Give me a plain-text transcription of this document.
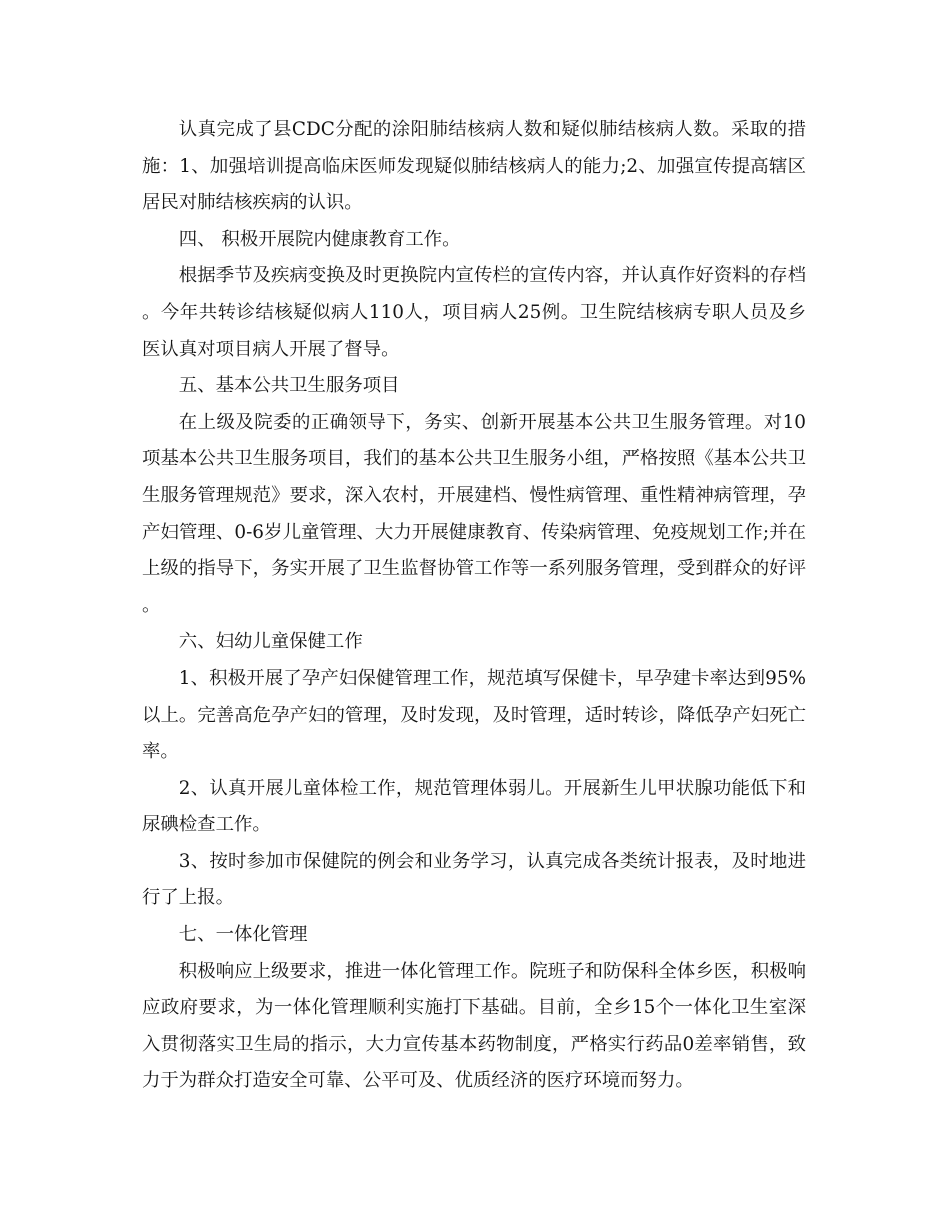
认真完成了县CDC分配的涂阳肺结核病人数和疑似肺结核病人数。采取的措施：1、加强培训提高临床医师发现疑似肺结核病人的能力;2、加强宣传提高辖区居民对肺结核疾病的认识。

四、 积极开展院内健康教育工作。

根据季节及疾病变换及时更换院内宣传栏的宣传内容，并认真作好资料的存档。今年共转诊结核疑似病人110人，项目病人25例。卫生院结核病专职人员及乡医认真对项目病人开展了督导。

五、基本公共卫生服务项目

在上级及院委的正确领导下，务实、创新开展基本公共卫生服务管理。对10项基本公共卫生服务项目，我们的基本公共卫生服务小组，严格按照《基本公共卫生服务管理规范》要求，深入农村，开展建档、慢性病管理、重性精神病管理，孕产妇管理、0-6岁儿童管理、大力开展健康教育、传染病管理、免疫规划工作;并在上级的指导下，务实开展了卫生监督协管工作等一系列服务管理，受到群众的好评。

六、妇幼儿童保健工作

1、积极开展了孕产妇保健管理工作，规范填写保健卡，早孕建卡率达到95%以上。完善高危孕产妇的管理，及时发现，及时管理，适时转诊，降低孕产妇死亡率。

2、认真开展儿童体检工作，规范管理体弱儿。开展新生儿甲状腺功能低下和尿碘检查工作。

3、按时参加市保健院的例会和业务学习，认真完成各类统计报表，及时地进行了上报。

七、一体化管理

积极响应上级要求，推进一体化管理工作。院班子和防保科全体乡医，积极响应政府要求，为一体化管理顺利实施打下基础。目前，全乡15个一体化卫生室深入贯彻落实卫生局的指示，大力宣传基本药物制度，严格实行药品0差率销售，致力于为群众打造安全可靠、公平可及、优质经济的医疗环境而努力。
